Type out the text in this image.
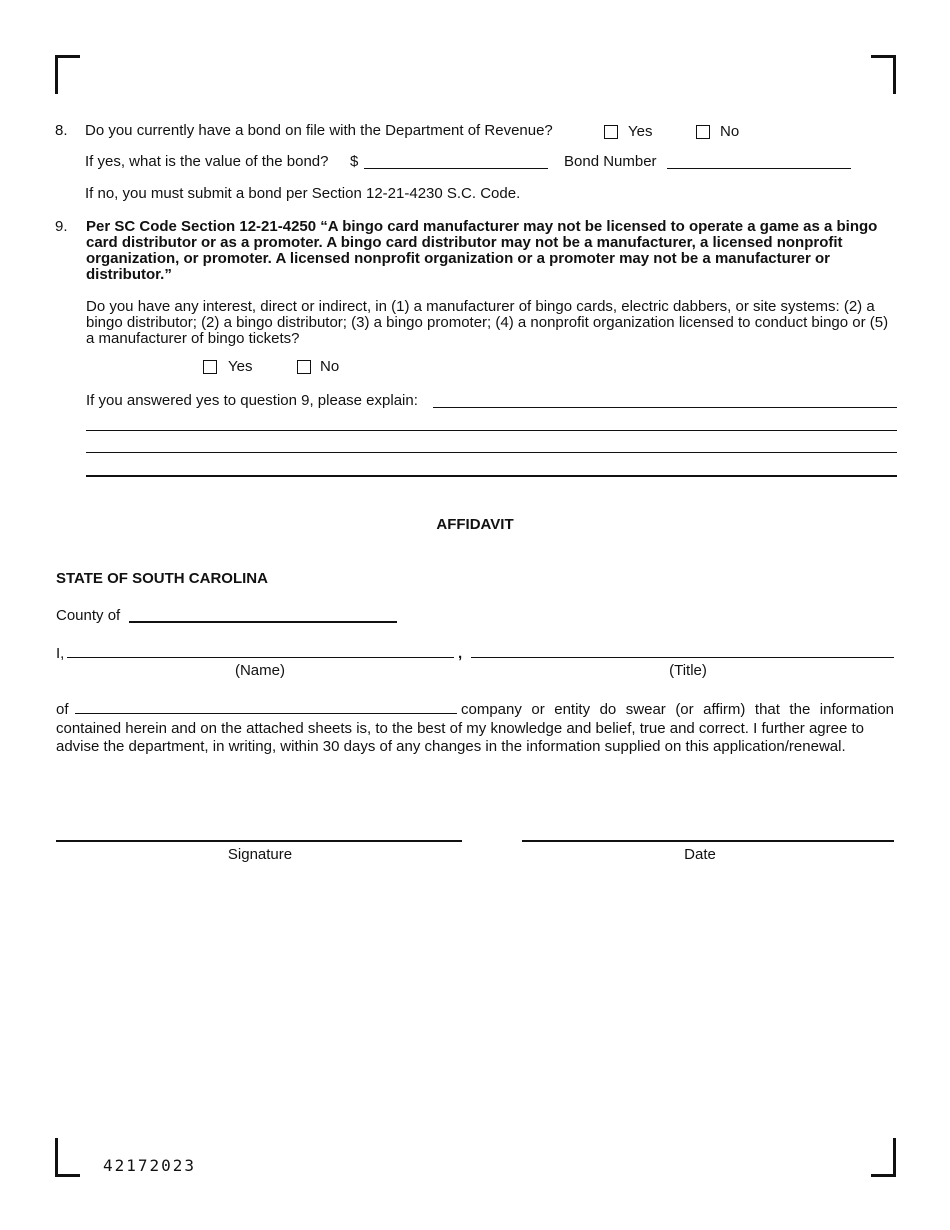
8. Do you currently have a bond on file with the Department of Revenue?	Yes	No
If yes, what is the value of the bond? $	Bond Number
If no, you must submit a bond per Section 12-21-4230 S.C. Code.
9. Per SC Code Section 12-21-4250 “A bingo card manufacturer may not be licensed to operate a game as a bingo card distributor or as a promoter. A bingo card distributor may not be a manufacturer, a licensed nonprofit organization, or promoter. A licensed nonprofit organization or a promoter may not be a manufacturer or distributor.”
Do you have any interest, direct or indirect, in (1) a manufacturer of bingo cards, electric dabbers, or site systems: (2) a bingo distributor; (2) a bingo distributor; (3) a bingo promoter; (4) a nonprofit organization licensed to conduct bingo or (5) a manufacturer of bingo tickets?
Yes	No
If you answered yes to question 9, please explain:
AFFIDAVIT
STATE OF SOUTH CAROLINA
County of
I,	,
(Name)	(Title)
of	company or entity do swear (or affirm) that the information
contained herein and on the attached sheets is, to the best of my knowledge and belief, true and correct. I further agree to advise the department, in writing, within 30 days of any changes in the information supplied on this application/renewal.
Signature	Date
42172023
